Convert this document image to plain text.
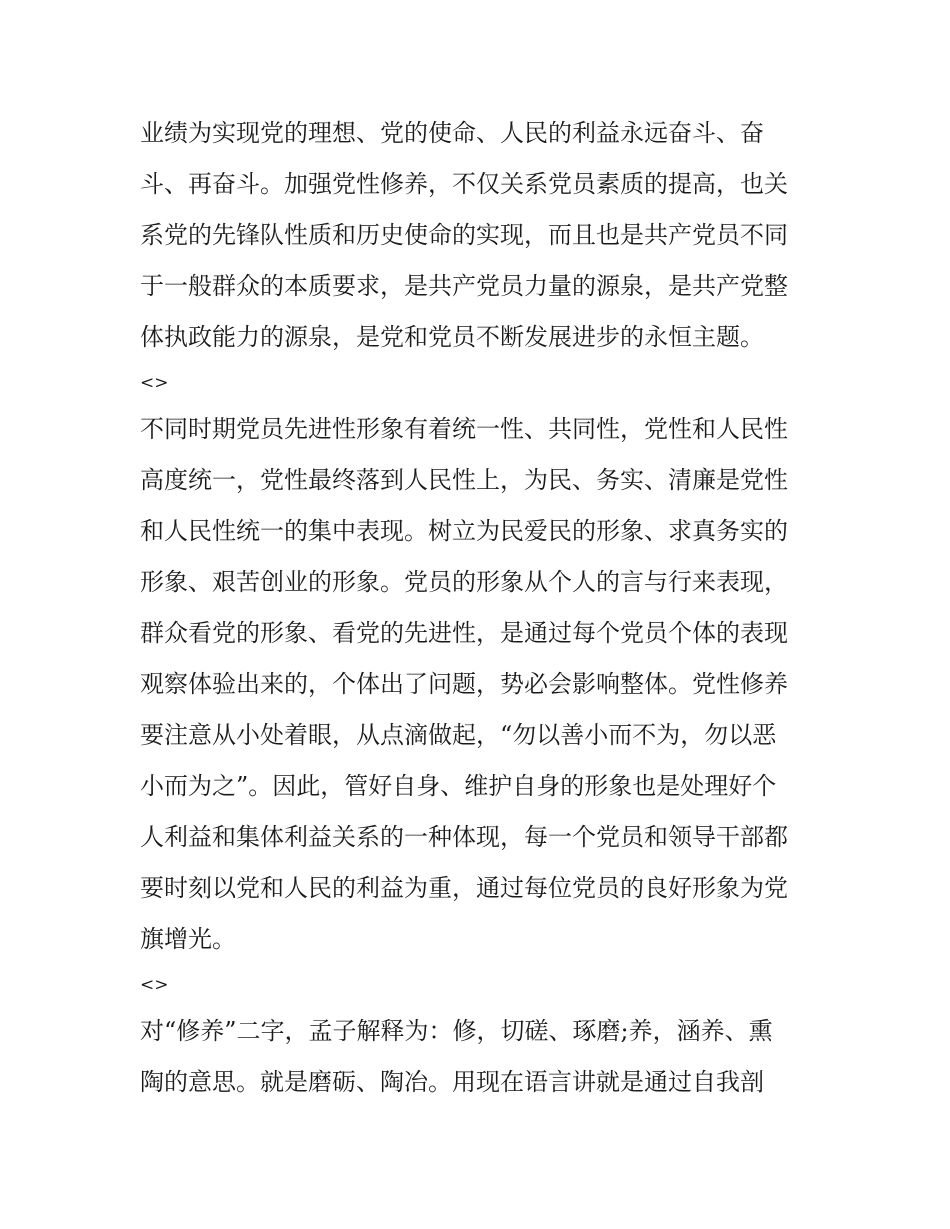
业绩为实现党的理想、党的使命、人民的利益永远奋斗、奋
斗、再奋斗。加强党性修养，不仅关系党员素质的提高，也关
系党的先锋队性质和历史使命的实现，而且也是共产党员不同
于一般群众的本质要求，是共产党员力量的源泉，是共产党整
体执政能力的源泉，是党和党员不断发展进步的永恒主题。
<>
不同时期党员先进性形象有着统一性、共同性，党性和人民性
高度统一，党性最终落到人民性上，为民、务实、清廉是党性
和人民性统一的集中表现。树立为民爱民的形象、求真务实的
形象、艰苦创业的形象。党员的形象从个人的言与行来表现，
群众看党的形象、看党的先进性，是通过每个党员个体的表现
观察体验出来的，个体出了问题，势必会影响整体。党性修养
要注意从小处着眼，从点滴做起，“勿以善小而不为，勿以恶
小而为之”。因此，管好自身、维护自身的形象也是处理好个
人利益和集体利益关系的一种体现，每一个党员和领导干部都
要时刻以党和人民的利益为重，通过每位党员的良好形象为党
旗增光。
<>
对“修养”二字，孟子解释为：修，切磋、琢磨;养，涵养、熏
陶的意思。就是磨砺、陶冶。用现在语言讲就是通过自我剖
